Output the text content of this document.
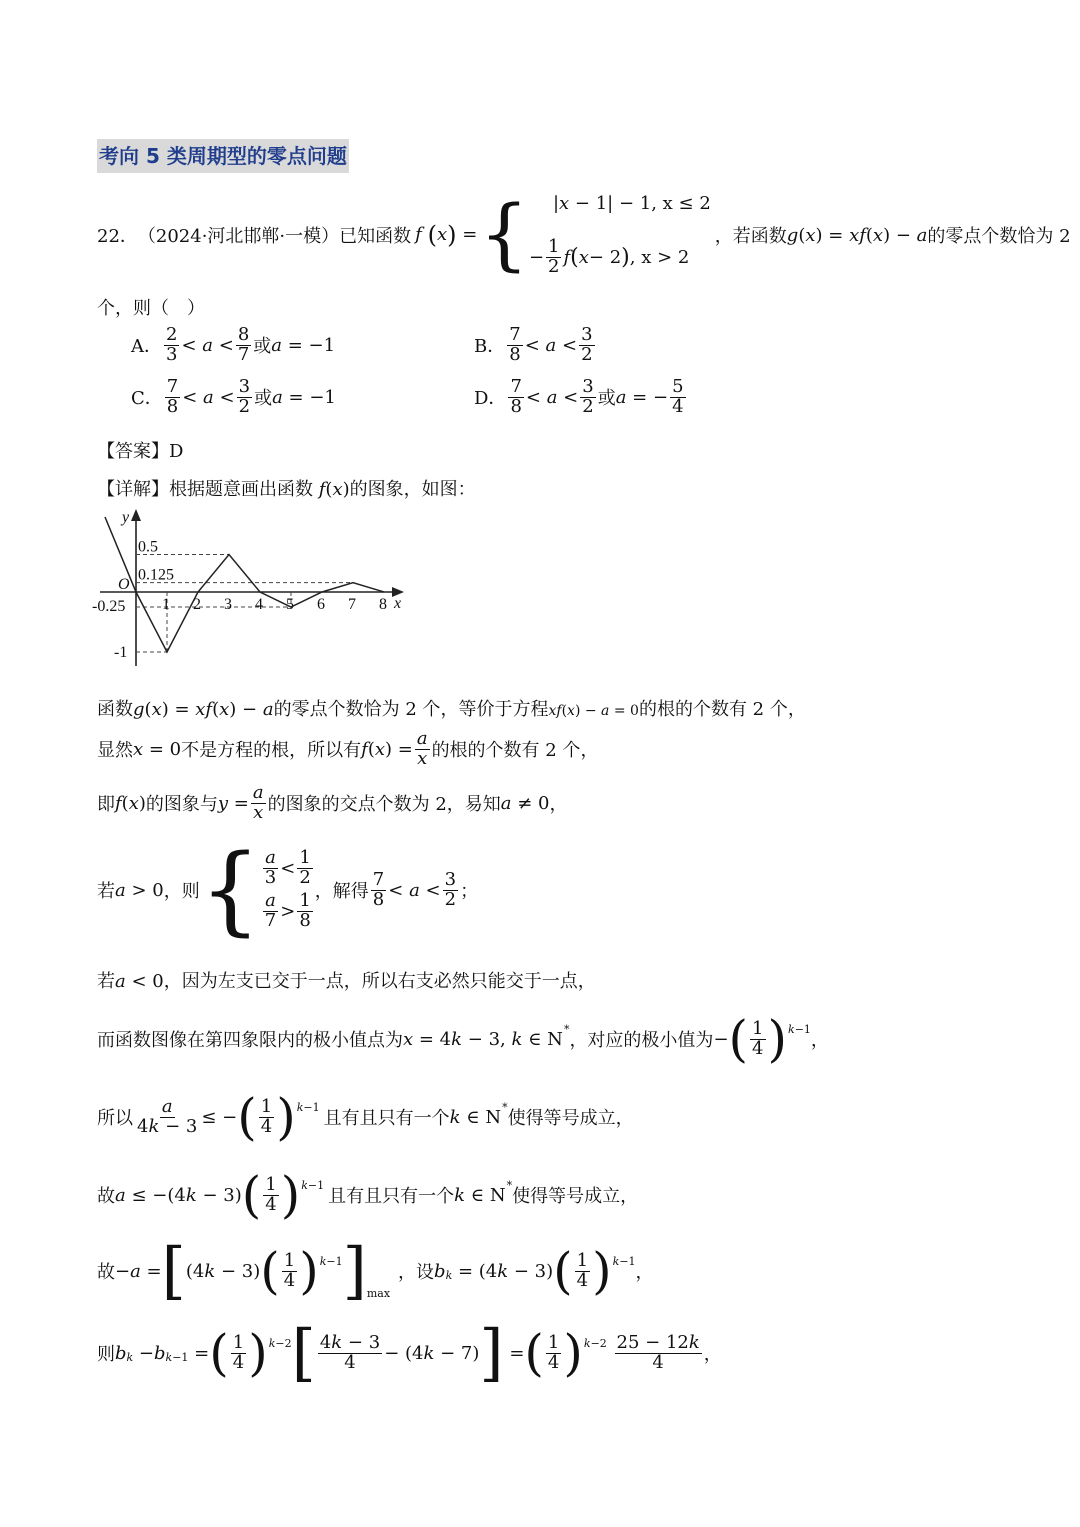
考向 5 类周期型的零点问题
22． （2024·河北邯郸·一模）已知函数 f (x) = { |x − 1| − 1 , x ≤ 2
− $\frac{1}{2}$ f ( x − 2 ) , x > 2
，若函数 g(x) = xf(x) − a 的零点个数恰为 2
个，则（　）
A． $\frac{2}{3} < a < \frac{8}{7}$ 或 a = −1	B． $\frac{7}{8} < a < \frac{3}{2}$
C． $\frac{7}{8} < a < \frac{3}{2}$ 或 a = −1	D． $\frac{7}{8} < a < \frac{3}{2}$ 或 a = − $\frac{5}{4}$
【答案】D
【详解】根据题意画出函数 f(x)的图象，如图：
y
x
O
1 2 3 4 5 6 7 8
0.5
0.125
-0.25
-1
函数g(x) = xf(x) − a的零点个数恰为 2 个，等价于方程xf(x) − a = 0的根的个数有 2 个，
显然 x = 0 不是方程的根，所以有 f ( x ) = $\frac{a}{x}$ 的根的个数有 2 个，
即 f ( x ) 的图象与 $y = \frac{a}{x}$ 的图象的交点个数为 2，易知 a ≠ 0 ，
若 a > 0 ，则 { $\frac{a}{3} < \frac{1}{2}$
$\frac{a}{7} > \frac{1}{8}$
，解得 $\frac{7}{8} < a < \frac{3}{2}$ ；
若a < 0，因为左支已交于一点，所以右支必然只能交于一点，
而函数图像在第四象限内的极小值点为 x = 4 k − 3, k ∈ N *
，对应的极小值为 − ( $\frac{1}{4}$ ) k−1
，
所以 $\frac{a}{4k - 3}$ ≤ − ( $\frac{1}{4}$ ) k−1
且有且只有一个 k ∈ N *
使得等号成立，
故 a ≤ −(4 k − 3) ( $\frac{1}{4}$ ) k−1
且有且只有一个 k ∈ N *
使得等号成立，
故 − a = [ (4 k − 3) ( $\frac{1}{4}$ ) k−1 ] max
，设 b k = (4 k − 3) ( $\frac{1}{4}$ ) k−1
，
则 b k − b k−1 = ( $\frac{1}{4}$ ) k−2 [ $\frac{4k - 3}{4} - (4$ k − 7) ] = ( $\frac{1}{4}$ ) k−2
$\frac{25 - 12k}{4}$ ，
